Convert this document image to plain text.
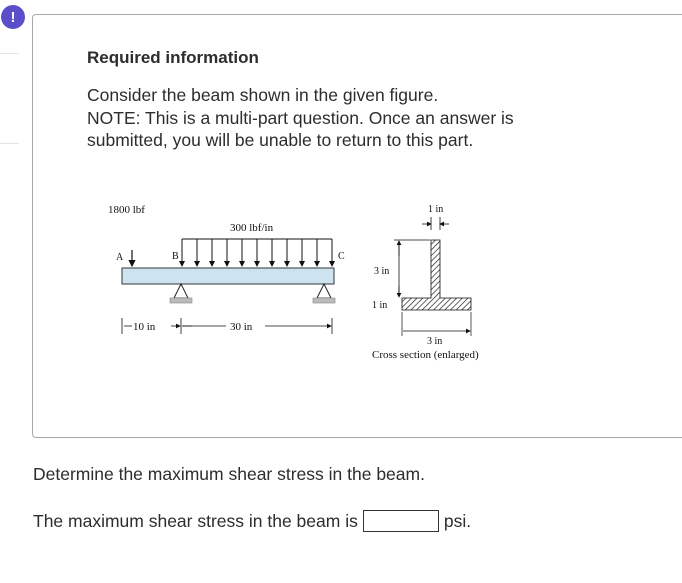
!
Required information
Consider the beam shown in the given figure.
NOTE: This is a multi-part question. Once an answer is
submitted, you will be unable to return to this part.
1800 lbf
A
300 lbf/in
B	C
10 in	30 in
1 in
3 in
1 in
3 in
Cross section (enlarged)
Determine the maximum shear stress in the beam.
The maximum shear stress in the beam is	psi.
